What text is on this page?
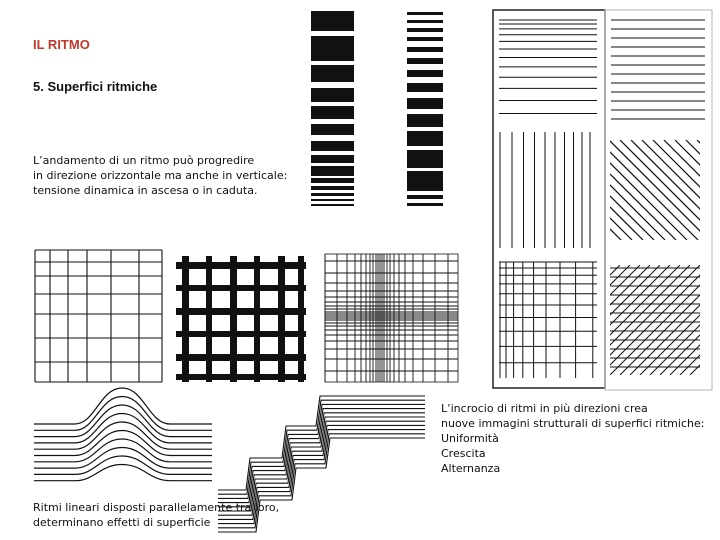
IL RITMO
5. Superfici ritmiche
L’andamento di un ritmo può progredire
in direzione orizzontale ma anche in verticale:
tensione dinamica in ascesa o in caduta.
L’incrocio di ritmi in più direzioni crea
nuove immagini strutturali di superfici ritmiche:
Uniformità
Crescita
Alternanza
Ritmi lineari disposti parallelamente tra loro,
determinano effetti di superficie
